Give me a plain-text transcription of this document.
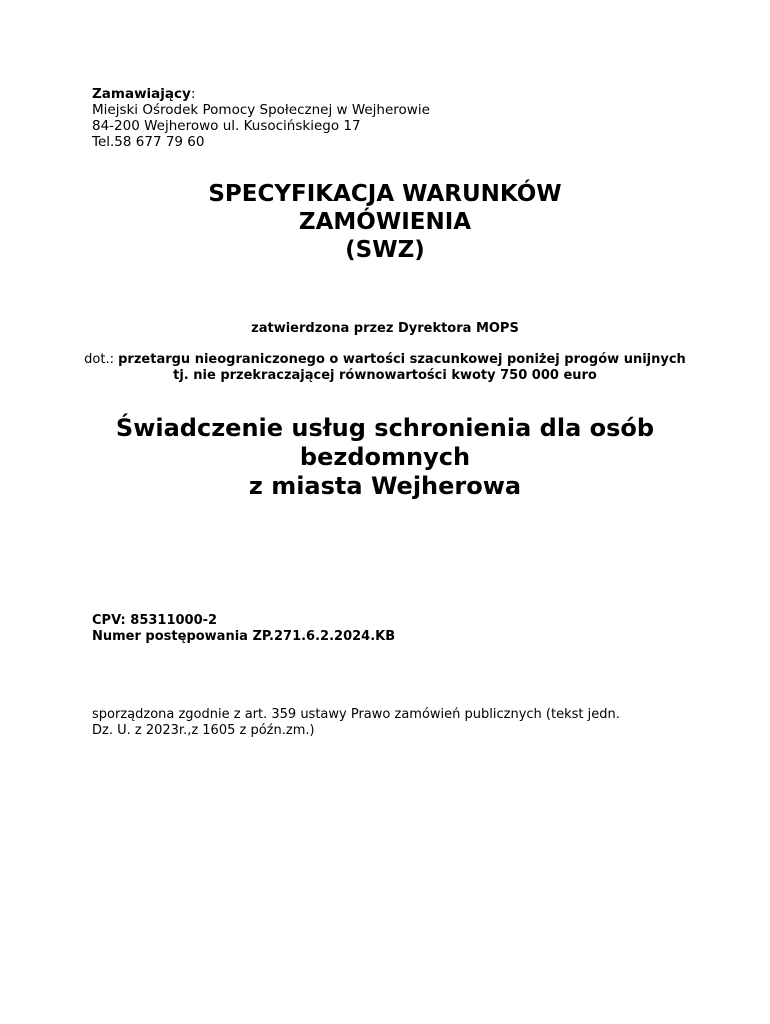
Zamawiający:
Miejski Ośrodek Pomocy Społecznej w Wejherowie
84-200 Wejherowo ul. Kusocińskiego 17
Tel.58 677 79 60
SPECYFIKACJA WARUNKÓW
ZAMÓWIENIA
(SWZ)
zatwierdzona przez Dyrektora MOPS
dot.: przetargu nieograniczonego o wartości szacunkowej poniżej progów unijnych tj. nie przekraczającej równowartości kwoty 750 000 euro
Świadczenie usług schronienia dla osób
bezdomnych
z miasta Wejherowa
CPV: 85311000-2
Numer postępowania ZP.271.6.2.2024.KB
sporządzona zgodnie z art. 359 ustawy Prawo zamówień publicznych (tekst jedn.
Dz. U. z 2023r.,z 1605 z późn.zm.)
